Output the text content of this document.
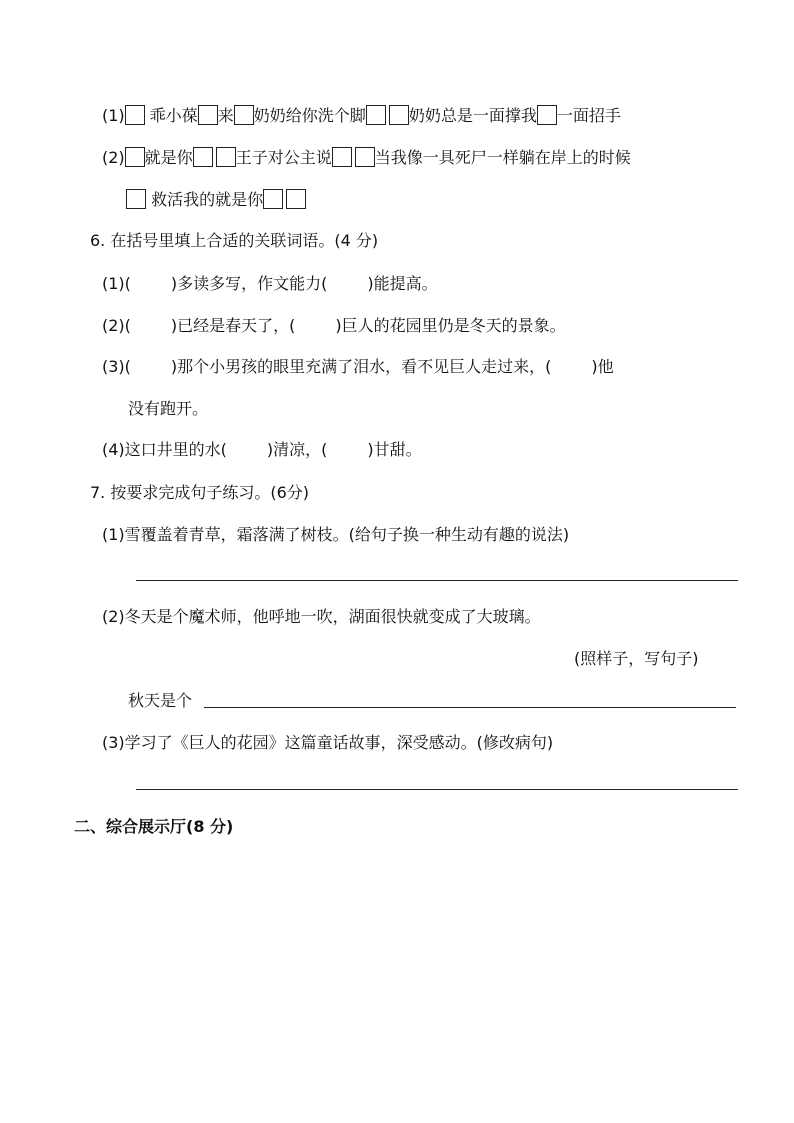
(1) 乖小葆 来 奶奶给你洗个脚	奶奶总是一面撑我 一面招手
(2) 就是你	王子对公主说	当我像一具死尸一样躺在岸上的时候
救活我的就是你
6. 在括号里填上合适的关联词语。(4 分)
(1)(	)多读多写，作文能力(	)能提高。
(2)(	)已经是春天了，(	)巨人的花园里仍是冬天的景象。
(3)(	)那个小男孩的眼里充满了泪水，看不见巨人走过来，(	)他
没有跑开。
(4)这口井里的水(	)清凉，(	)甘甜。
7. 按要求完成句子练习。(6分)
(1)雪覆盖着青草，霜落满了树枝。(给句子换一种生动有趣的说法)
(2)冬天是个魔术师，他呼地一吹，湖面很快就变成了大玻璃。
(照样子，写句子)
秋天是个
(3)学习了《巨人的花园》这篇童话故事，深受感动。(修改病句)
二、综合展示厅(8 分)
